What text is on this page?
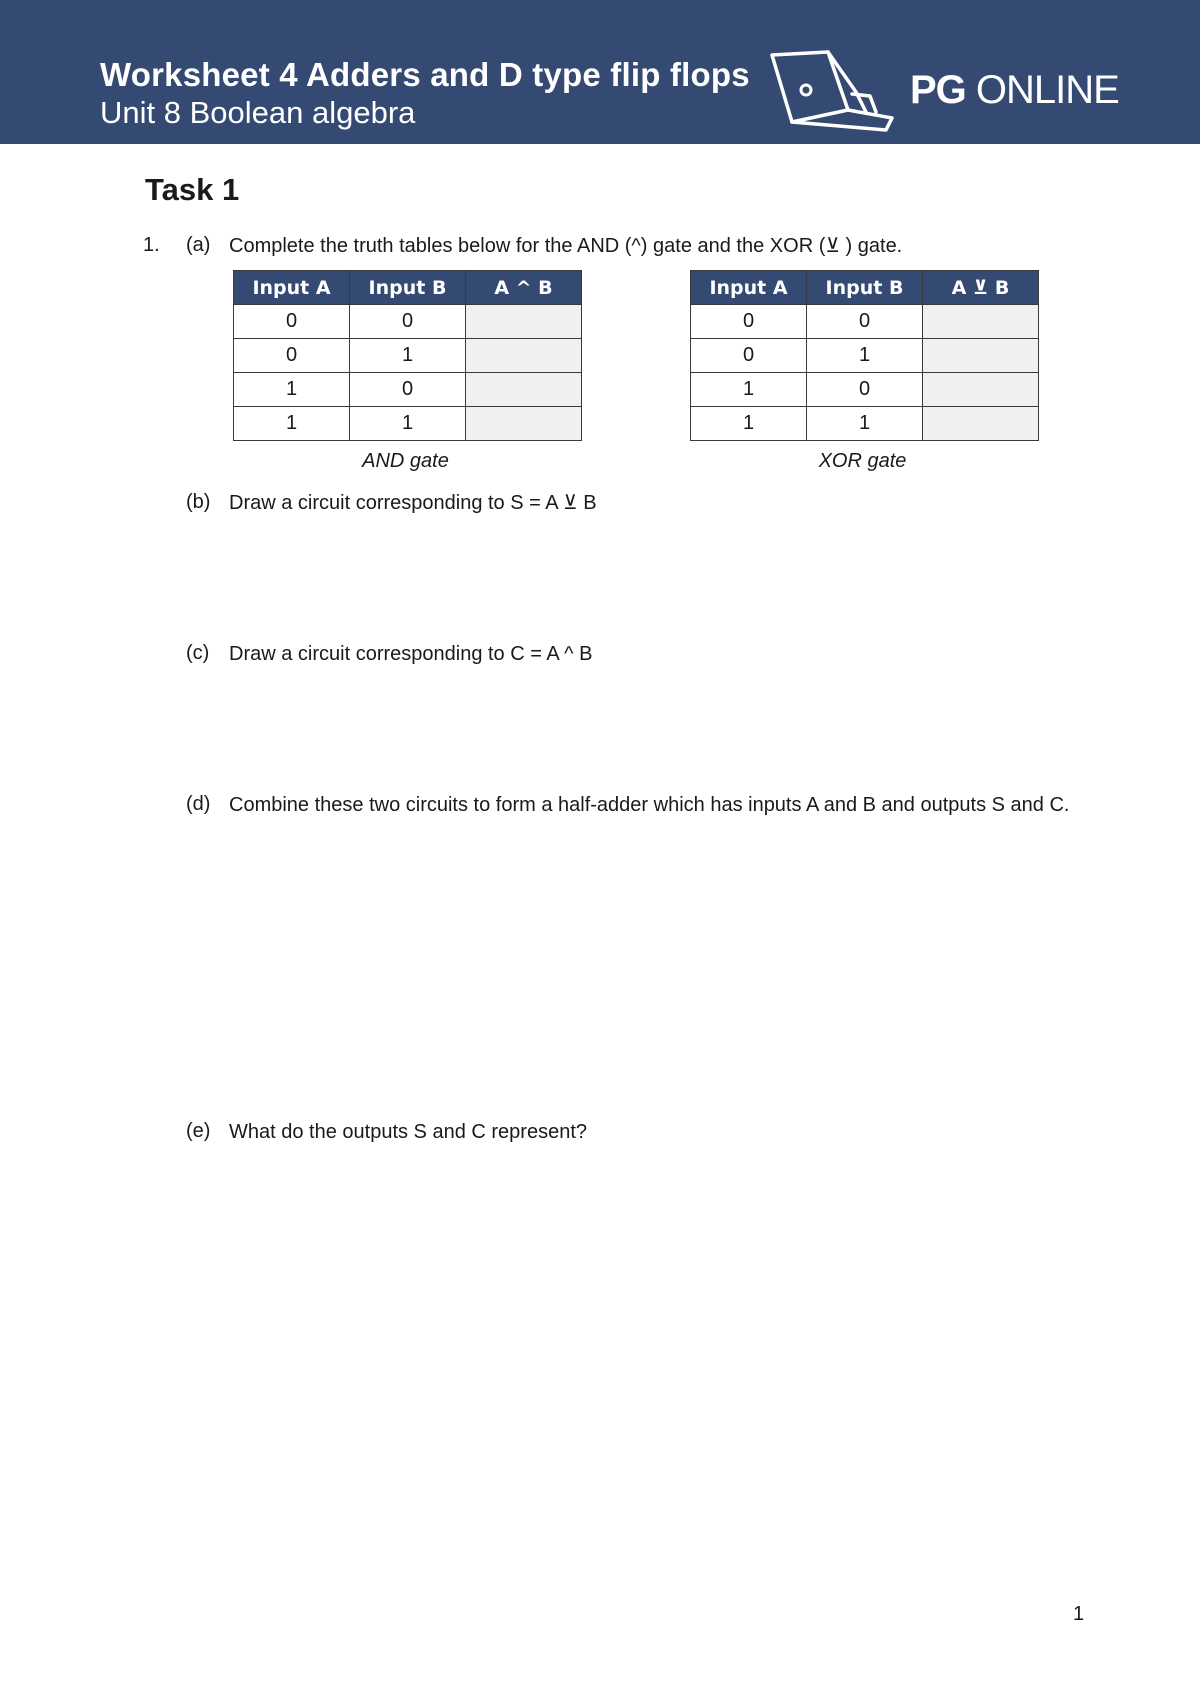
Worksheet 4 Adders and D type flip flops
Unit 8 Boolean algebra
PG ONLINE
Task 1
1. (a) Complete the truth tables below for the AND (^) gate and the XOR (⊻ ) gate.
Input A	Input B	A ^ B
0	0	
0	1	
1	0	
1	1	
AND gate
Input A	Input B	A ⊻ B
0	0	
0	1	
1	0	
1	1	
XOR gate
(b) Draw a circuit corresponding to S = A ⊻ B
(c) Draw a circuit corresponding to C = A ^ B
(d) Combine these two circuits to form a half-adder which has inputs A and B and outputs S and C.
(e) What do the outputs S and C represent?
1
